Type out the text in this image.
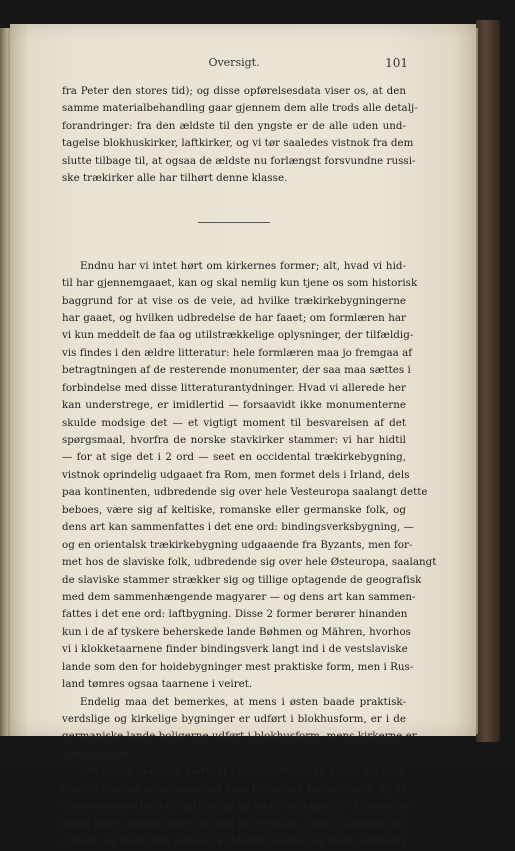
Oversigt.	101
fra Peter den stores tid); og disse opførelsesdata viser os, at den
samme materialbehandling gaar gjennem dem alle trods alle detalj-
forandringer: fra den ældste til den yngste er de alle uden und-
tagelse blokhuskirker, laftkirker, og vi tør saaledes vistnok fra dem
slutte tilbage til, at ogsaa de ældste nu forlængst forsvundne russi-
ske trækirker alle har tilhørt denne klasse.
Endnu har vi intet hørt om kirkernes former; alt, hvad vi hid-
til har gjennemgaaet, kan og skal nemlig kun tjene os som historisk
baggrund for at vise os de veie, ad hvilke trækirkebygningerne
har gaaet, og hvilken udbredelse de har faaet; om formlæren har
vi kun meddelt de faa og utilstrækkelige oplysninger, der tilfældig-
vis findes i den ældre litteratur: hele formlæren maa jo fremgaa af
betragtningen af de resterende monumenter, der saa maa sættes i
forbindelse med disse litteraturantydninger. Hvad vi allerede her
kan understrege, er imidlertid — forsaavidt ikke monumenterne
skulde modsige det — et vigtigt moment til besvarelsen af det
spørgsmaal, hvorfra de norske stavkirker stammer: vi har hidtil
— for at sige det i 2 ord — seet en occidental trækirkebygning,
vistnok oprindelig udgaaet fra Rom, men formet dels i Irland, dels
paa kontinenten, udbredende sig over hele Vesteuropa saalangt dette
beboes, være sig af keltiske, romanske eller germanske folk, og
dens art kan sammenfattes i det ene ord: bindingsverksbygning, —
og en orientalsk trækirkebygning udgaaende fra Byzants, men for-
met hos de slaviske folk, udbredende sig over hele Østeuropa, saalangt
de slaviske stammer strækker sig og tillige optagende de geografisk
med dem sammenhængende magyarer — og dens art kan sammen-
fattes i det ene ord: laftbygning. Disse 2 former berører hinanden
kun i de af tyskere beherskede lande Bøhmen og Mähren, hvorhos
vi i klokketaarnene finder bindingsverk langt ind i de vestslaviske
lande som den for hoidebygninger mest praktiske form, men i Rus-
land tømres ogsaa taarnene i veiret.
Endelig maa det bemerkes, at mens i østen baade praktisk-
verdslige og kirkelige bygninger er udført i blokhusform, er i de
germaniske lande boligerne udført i blokhusform, mens kirkerne er
bindingsverk.
Det synes saaledes klart, at bindingsverket er noget for occi-
denten ligesaa eiendommeligt som blokhuset for orienten; og at
denne modsætning er oprindelig og taber sig bagenfor kristendom-
mens tider, derom vidner de ord af Vitruvius, som vi ovenfor har
citeret, og hvori han udtaler, at bindingsverket er mest udviklet i
